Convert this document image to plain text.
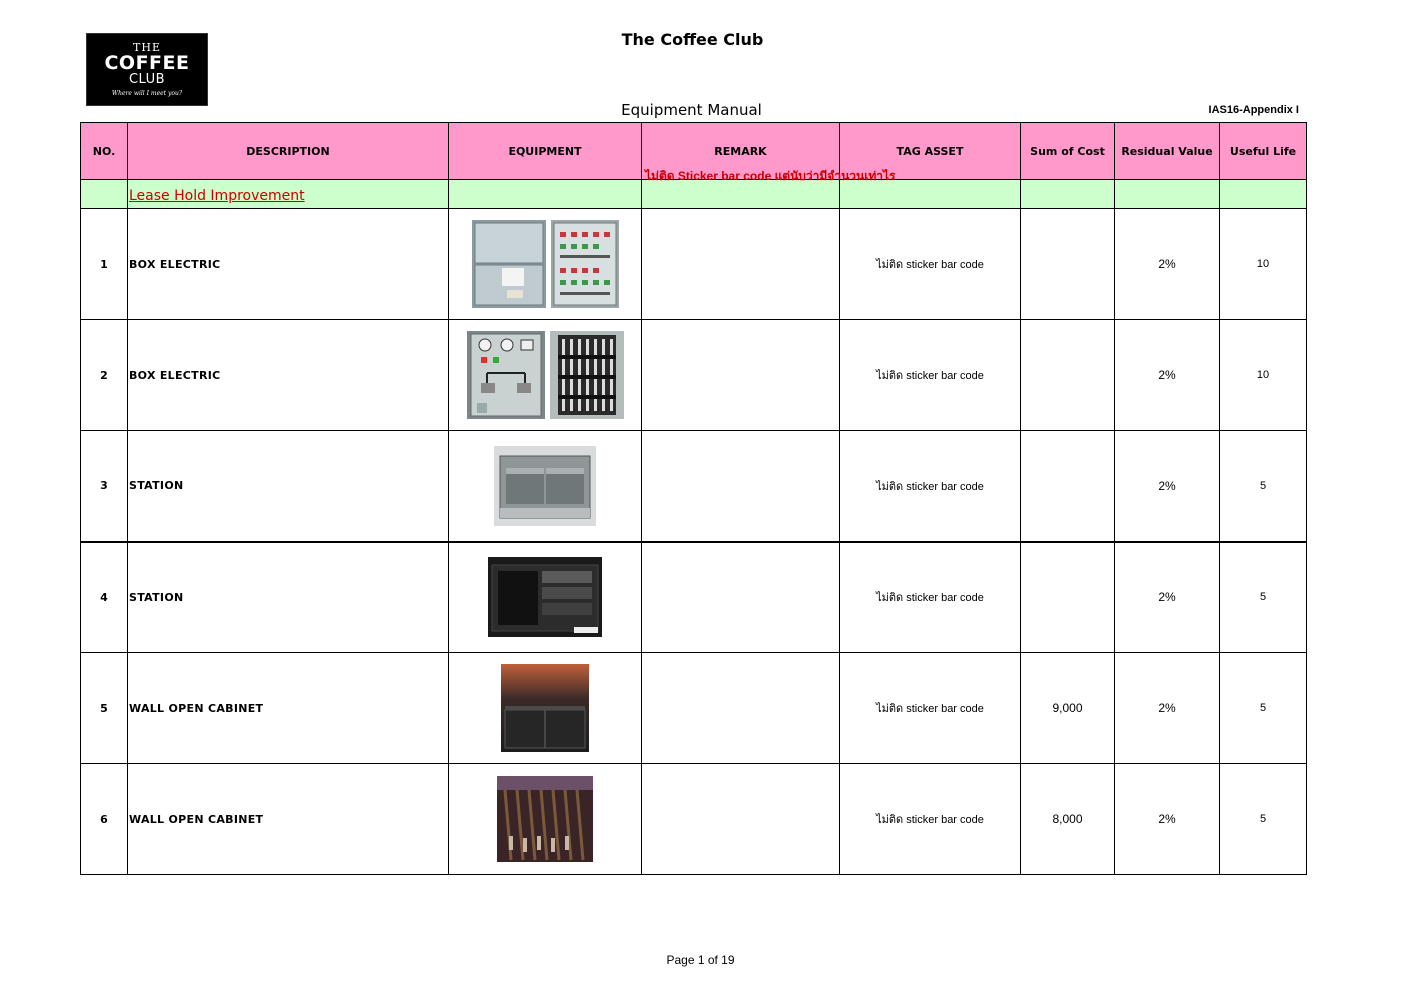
THE
COFFEE
CLUB
Where will I meet you?
The Coffee Club
Equipment Manual	IAS16-Appendix I
NO.	DESCRIPTION	EQUIPMENT	REMARK	TAG ASSET	Sum of Cost	Residual Value	Useful Life
	Lease Hold Improvement		ไม่ติด Sticker bar code แต่นับว่ามีจำนวนเท่าไร				

1	BOX ELECTRIC			ไม่ติด sticker bar code		2%	10
2	BOX ELECTRIC			ไม่ติด sticker bar code		2%	10
3	STATION			ไม่ติด sticker bar code		2%	5
4	STATION			ไม่ติด sticker bar code		2%	5
5	WALL OPEN CABINET			ไม่ติด sticker bar code	9,000	2%	5
6	WALL OPEN CABINET			ไม่ติด sticker bar code	8,000	2%	5
Page 1 of 19
